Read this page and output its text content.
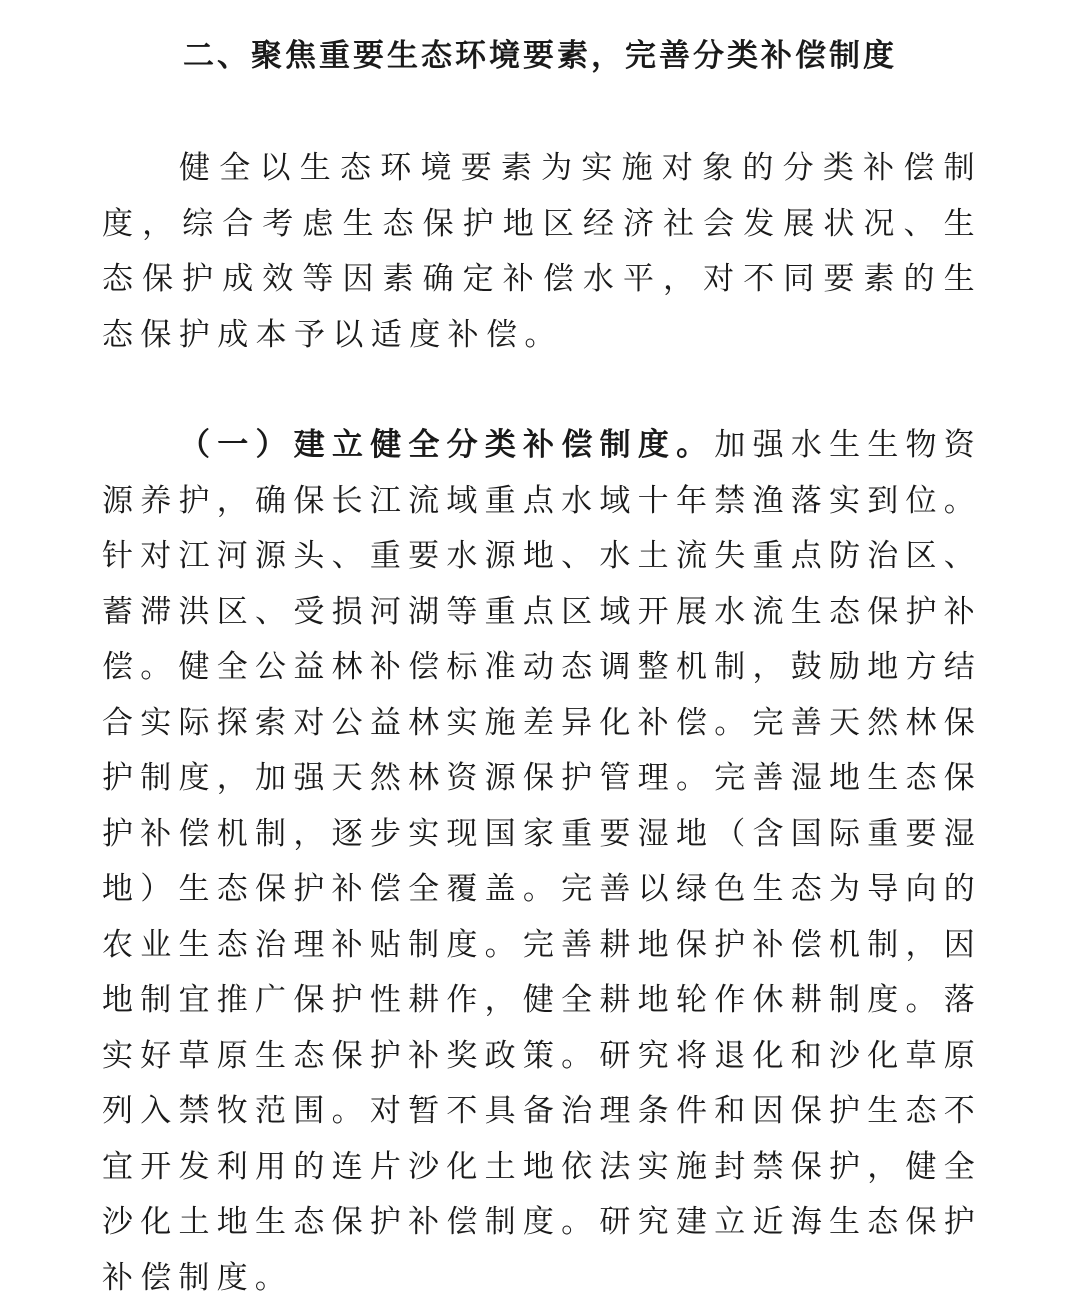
二、聚焦重要生态环境要素，完善分类补偿制度

健全以生态环境要素为实施对象的分类补偿制度，综合考虑生态保护地区经济社会发展状况、生态保护成效等因素确定补偿水平，对不同要素的生态保护成本予以适度补偿。

（一）建立健全分类补偿制度。加强水生生物资源养护，确保长江流域重点水域十年禁渔落实到位。针对江河源头、重要水源地、水土流失重点防治区、蓄滞洪区、受损河湖等重点区域开展水流生态保护补偿。健全公益林补偿标准动态调整机制，鼓励地方结合实际探索对公益林实施差异化补偿。完善天然林保护制度，加强天然林资源保护管理。完善湿地生态保护补偿机制，逐步实现国家重要湿地（含国际重要湿地）生态保护补偿全覆盖。完善以绿色生态为导向的农业生态治理补贴制度。完善耕地保护补偿机制，因地制宜推广保护性耕作，健全耕地轮作休耕制度。落实好草原生态保护补奖政策。研究将退化和沙化草原列入禁牧范围。对暂不具备治理条件和因保护生态不宜开发利用的连片沙化土地依法实施封禁保护，健全沙化土地生态保护补偿制度。研究建立近海生态保护补偿制度。
